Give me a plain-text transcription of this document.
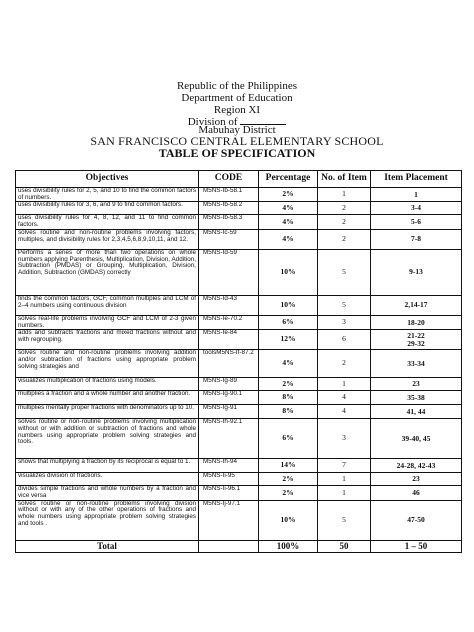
Republic of the Philippines
Department of Education
Region XI
Division of
Mabuhay District
SAN FRANCISCO CENTRAL ELEMENTARY SCHOOL
TABLE OF SPECIFICATION
Objectives	CODE	Percentage	No. of Item	Item Placement
uses divisibility rules for 2, 5, and 10 to find the common factors of numbers.	M5NS-Ib-58.1	2%	1	1
uses divisibility rules for 3, 6, and 9 to find common factors.	M5NS-Ib-58.2	4%	2	3-4
uses divisibility rules for 4, 8, 12, and 11 to find common factors.	M5NS-Ib-58.3	4%	2	5-6
solves routine and non-routine problems involving factors, multiples, and divisibility rules for 2,3,4,5,6,8,9,10,11, and 12.	M5NS-Ic-59	4%	2	7-8
Performs a series of more than two operations on whole numbers applying Parenthesis, Multiplication, Division, Addition, Subtraction (PMDAS) or Grouping, Multiplication, Division, Addition, Subtraction (GMDAS) correctly	M5NS-Id-59	10%	5	9-13
finds the common factors, GCF, common multiples and LCM of 2–4 numbers using continuous division	M5NS-Id-43	10%	5	2,14-17
solves real-life problems involving GCF and LCM of 2-3 given numbers.	M5NS-Ie-70.2	6%	3	18-20
adds and subtracts fractions and mixed fractions without and with regrouping.	M5NS-Ie-84	12%	6	21-22
29-32
solves routine and non-routine problems involving addition and/or subtraction of fractions using appropriate problem solving strategies and	toolsM5NS-If-87.2	4%	2	33-34
visualizes multiplication of fractions using models.	M5NS-Ig-89	2%	1	23
multiplies a fraction and a whole number and another fraction.	M5NS-Ig-90.1	8%	4	35-38
multiplies mentally proper fractions with denominators up to 10.	M5NS-Ig-91	8%	4	41, 44
solves routine or non-routine problems involving multiplication without or with addition or subtraction of fractions and whole numbers using appropriate problem solving strategies and tools.	M5NS-Ih-92.1	6%	3	39-40, 45
shows that multiplying a fraction by its reciprocal is equal to 1.	M5NS-Ih-94	14%	7	24-28, 42-43
visualizes division of fractions.	M5NS-Ii-95	2%	1	23
divides simple fractions and whole numbers by a fraction and vice versa	M5NS-Ii-96.1	2%	1	46
solves routine or non-routine problems involving division without or with any of the other operations of fractions and whole numbers using appropriate problem solving strategies and tools .	M5NS-Ij-97.1	10%	5	47-50
Total		100%	50	1 – 50
